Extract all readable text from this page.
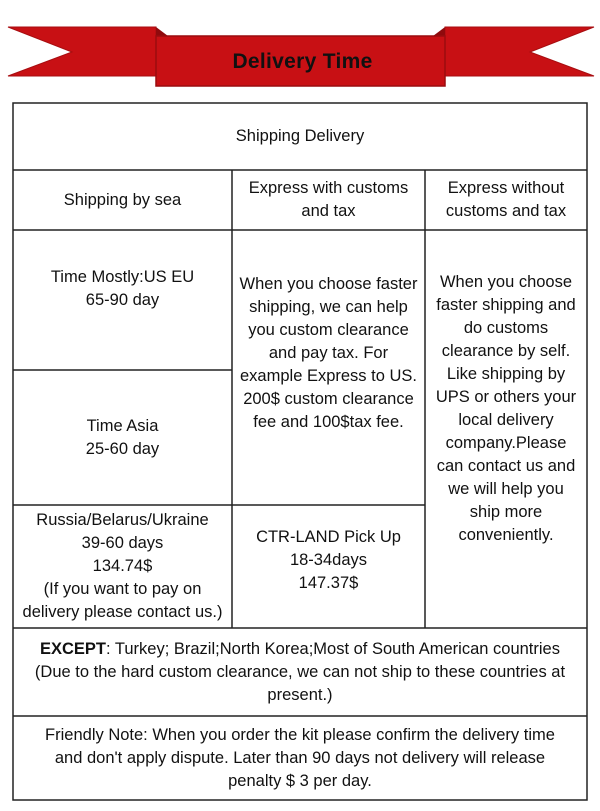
Delivery Time
Shipping Delivery
Shipping by sea
Express with customs
and tax
Express without
customs and tax
Time Mostly:US EU
65-90 day
Time Asia
25-60 day
Russia/Belarus/Ukraine
39-60 days
134.74$
(If you want to pay on
delivery please contact us.)
When you choose faster
shipping, we can help
you custom clearance
and pay tax. For
example Express to US.
200$ custom clearance
fee and 100$tax fee.
CTR-LAND Pick Up
18-34days
147.37$
When you choose
faster shipping and
do customs
clearance by self.
Like shipping by
UPS or others your
local delivery
company.Please
can contact us and
we will help you
ship more
conveniently.
EXCEPT: Turkey; Brazil;North Korea;Most of South American countries
(Due to the hard custom clearance, we can not ship to these countries at
present.)
Friendly Note: When you order the kit please confirm the delivery time
and don't apply dispute. Later than 90 days not delivery will release
penalty $ 3 per day.
